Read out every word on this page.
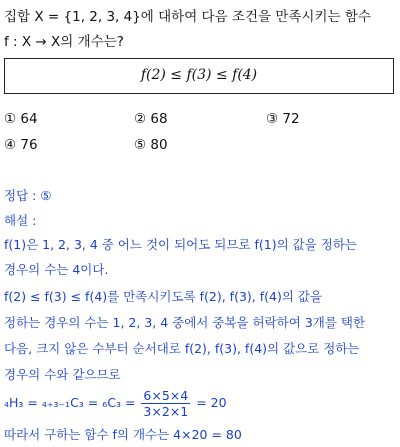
집합 X = {1, 2, 3, 4}에 대하여 다음 조건을 만족시키는 함수
f : X → X의 개수는?
f(2) ≤ f(3) ≤ f(4)
① 64	② 68	③ 72
④ 76	⑤ 80
정답 : ⑤
해설 :
f(1)은 1, 2, 3, 4 중 어느 것이 되어도 되므로 f(1)의 값을 정하는
경우의 수는 4이다.
f(2) ≤ f(3) ≤ f(4)를 만족시키도록 f(2), f(3), f(4)의 값을
정하는 경우의 수는 1, 2, 3, 4 중에서 중복을 허락하여 3개를 택한
다음, 크지 않은 수부터 순서대로 f(2), f(3), f(4)의 값으로 정하는
경우의 수와 같으므로
$_4H_3 = _{4+3-1}C_3 = _6C_3 = \frac{6\times 5\times 4}{3\times 2\times 1} = 20$
따라서 구하는 함수 f의 개수는 4×20 = 80
